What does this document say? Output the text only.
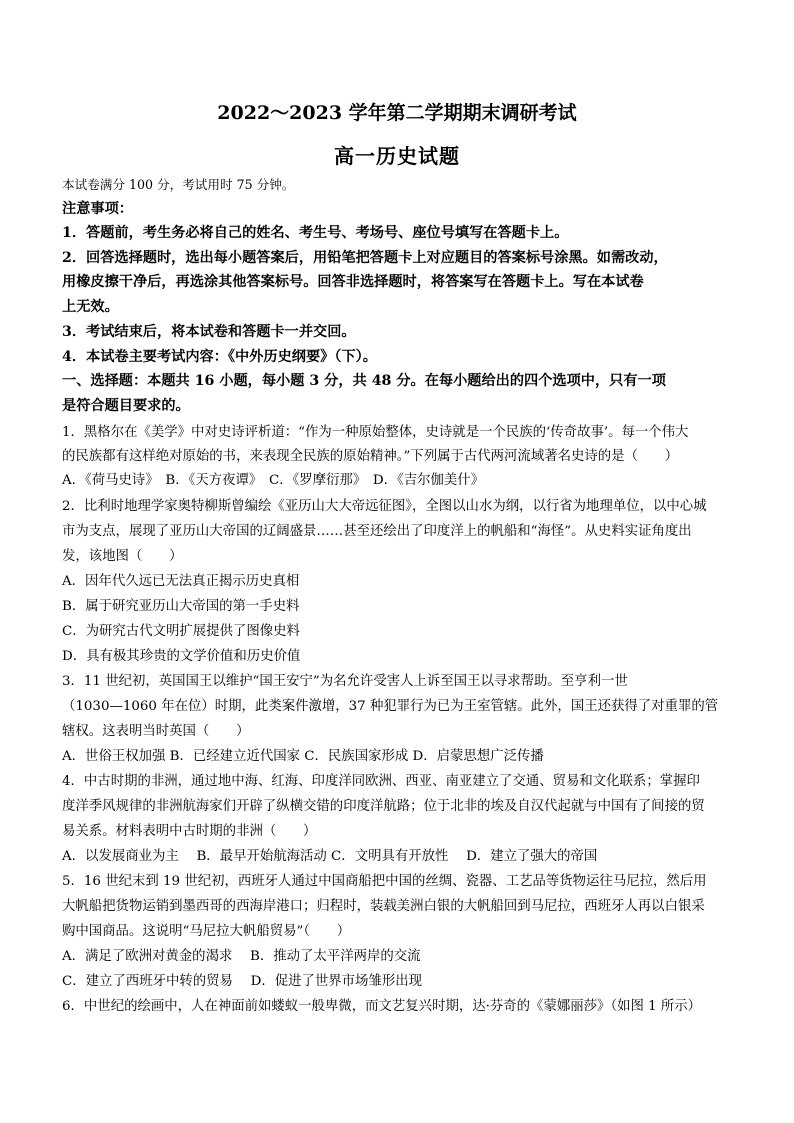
2022～2023 学年第二学期期末调研考试
高一历史试题
本试卷满分 100 分，考试用时 75 分钟。
注意事项：
1．答题前，考生务必将自己的姓名、考生号、考场号、座位号填写在答题卡上。
2．回答选择题时，选出每小题答案后，用铅笔把答题卡上对应题目的答案标号涂黑。如需改动，
用橡皮擦干净后，再选涂其他答案标号。回答非选择题时，将答案写在答题卡上。写在本试卷
上无效。
3．考试结束后，将本试卷和答题卡一并交回。
4．本试卷主要考试内容：《中外历史纲要》（下）。
一、选择题：本题共 16 小题，每小题 3 分，共 48 分。在每小题给出的四个选项中，只有一项
是符合题目要求的。
1．黑格尔在《美学》中对史诗评析道：“作为一种原始整体，史诗就是一个民族的‘传奇故事’。每一个伟大
的民族都有这样绝对原始的书，来表现全民族的原始精神。”下列属于古代两河流域著名史诗的是（　　）
A．《荷马史诗》　B．《天方夜谭》　C．《罗摩衍那》　D．《吉尔伽美什》
2．比利时地理学家奥特柳斯曾编绘《亚历山大大帝远征图》，全图以山水为纲，以行省为地理单位，以中心城
市为支点，展现了亚历山大帝国的辽阔盛景……甚至还绘出了印度洋上的帆船和“海怪”。从史料实证角度出
发，该地图（　　）
A．因年代久远已无法真正揭示历史真相
B．属于研究亚历山大帝国的第一手史料
C．为研究古代文明扩展提供了图像史料
D．具有极其珍贵的文学价值和历史价值
3．11 世纪初，英国国王以维护“国王安宁”为名允许受害人上诉至国王以寻求帮助。至亨利一世
（1030—1060 年在位）时期，此类案件激增，37 种犯罪行为已为王室管辖。此外，国王还获得了对重罪的管
辖权。这表明当时英国（　　）
A．世俗王权加强 B．已经建立近代国家 C．民族国家形成 D．启蒙思想广泛传播
4．中古时期的非洲，通过地中海、红海、印度洋同欧洲、西亚、南亚建立了交通、贸易和文化联系；掌握印
度洋季风规律的非洲航海家们开辟了纵横交错的印度洋航路；位于北非的埃及自汉代起就与中国有了间接的贸
易关系。材料表明中古时期的非洲（　　）
A．以发展商业为主　 B．最早开始航海活动 C．文明具有开放性　 D．建立了强大的帝国
5．16 世纪末到 19 世纪初，西班牙人通过中国商船把中国的丝绸、瓷器、工艺品等货物运往马尼拉，然后用
大帆船把货物运销到墨西哥的西海岸港口；归程时，装载美洲白银的大帆船回到马尼拉，西班牙人再以白银采
购中国商品。这说明“马尼拉大帆船贸易”（　　）
A．满足了欧洲对黄金的渴求　 B．推动了太平洋两岸的交流
C．建立了西班牙中转的贸易　 D．促进了世界市场雏形出现
6．中世纪的绘画中，人在神面前如蝼蚁一般卑微，而文艺复兴时期，达·芬奇的《蒙娜丽莎》（如图 1 所示）
